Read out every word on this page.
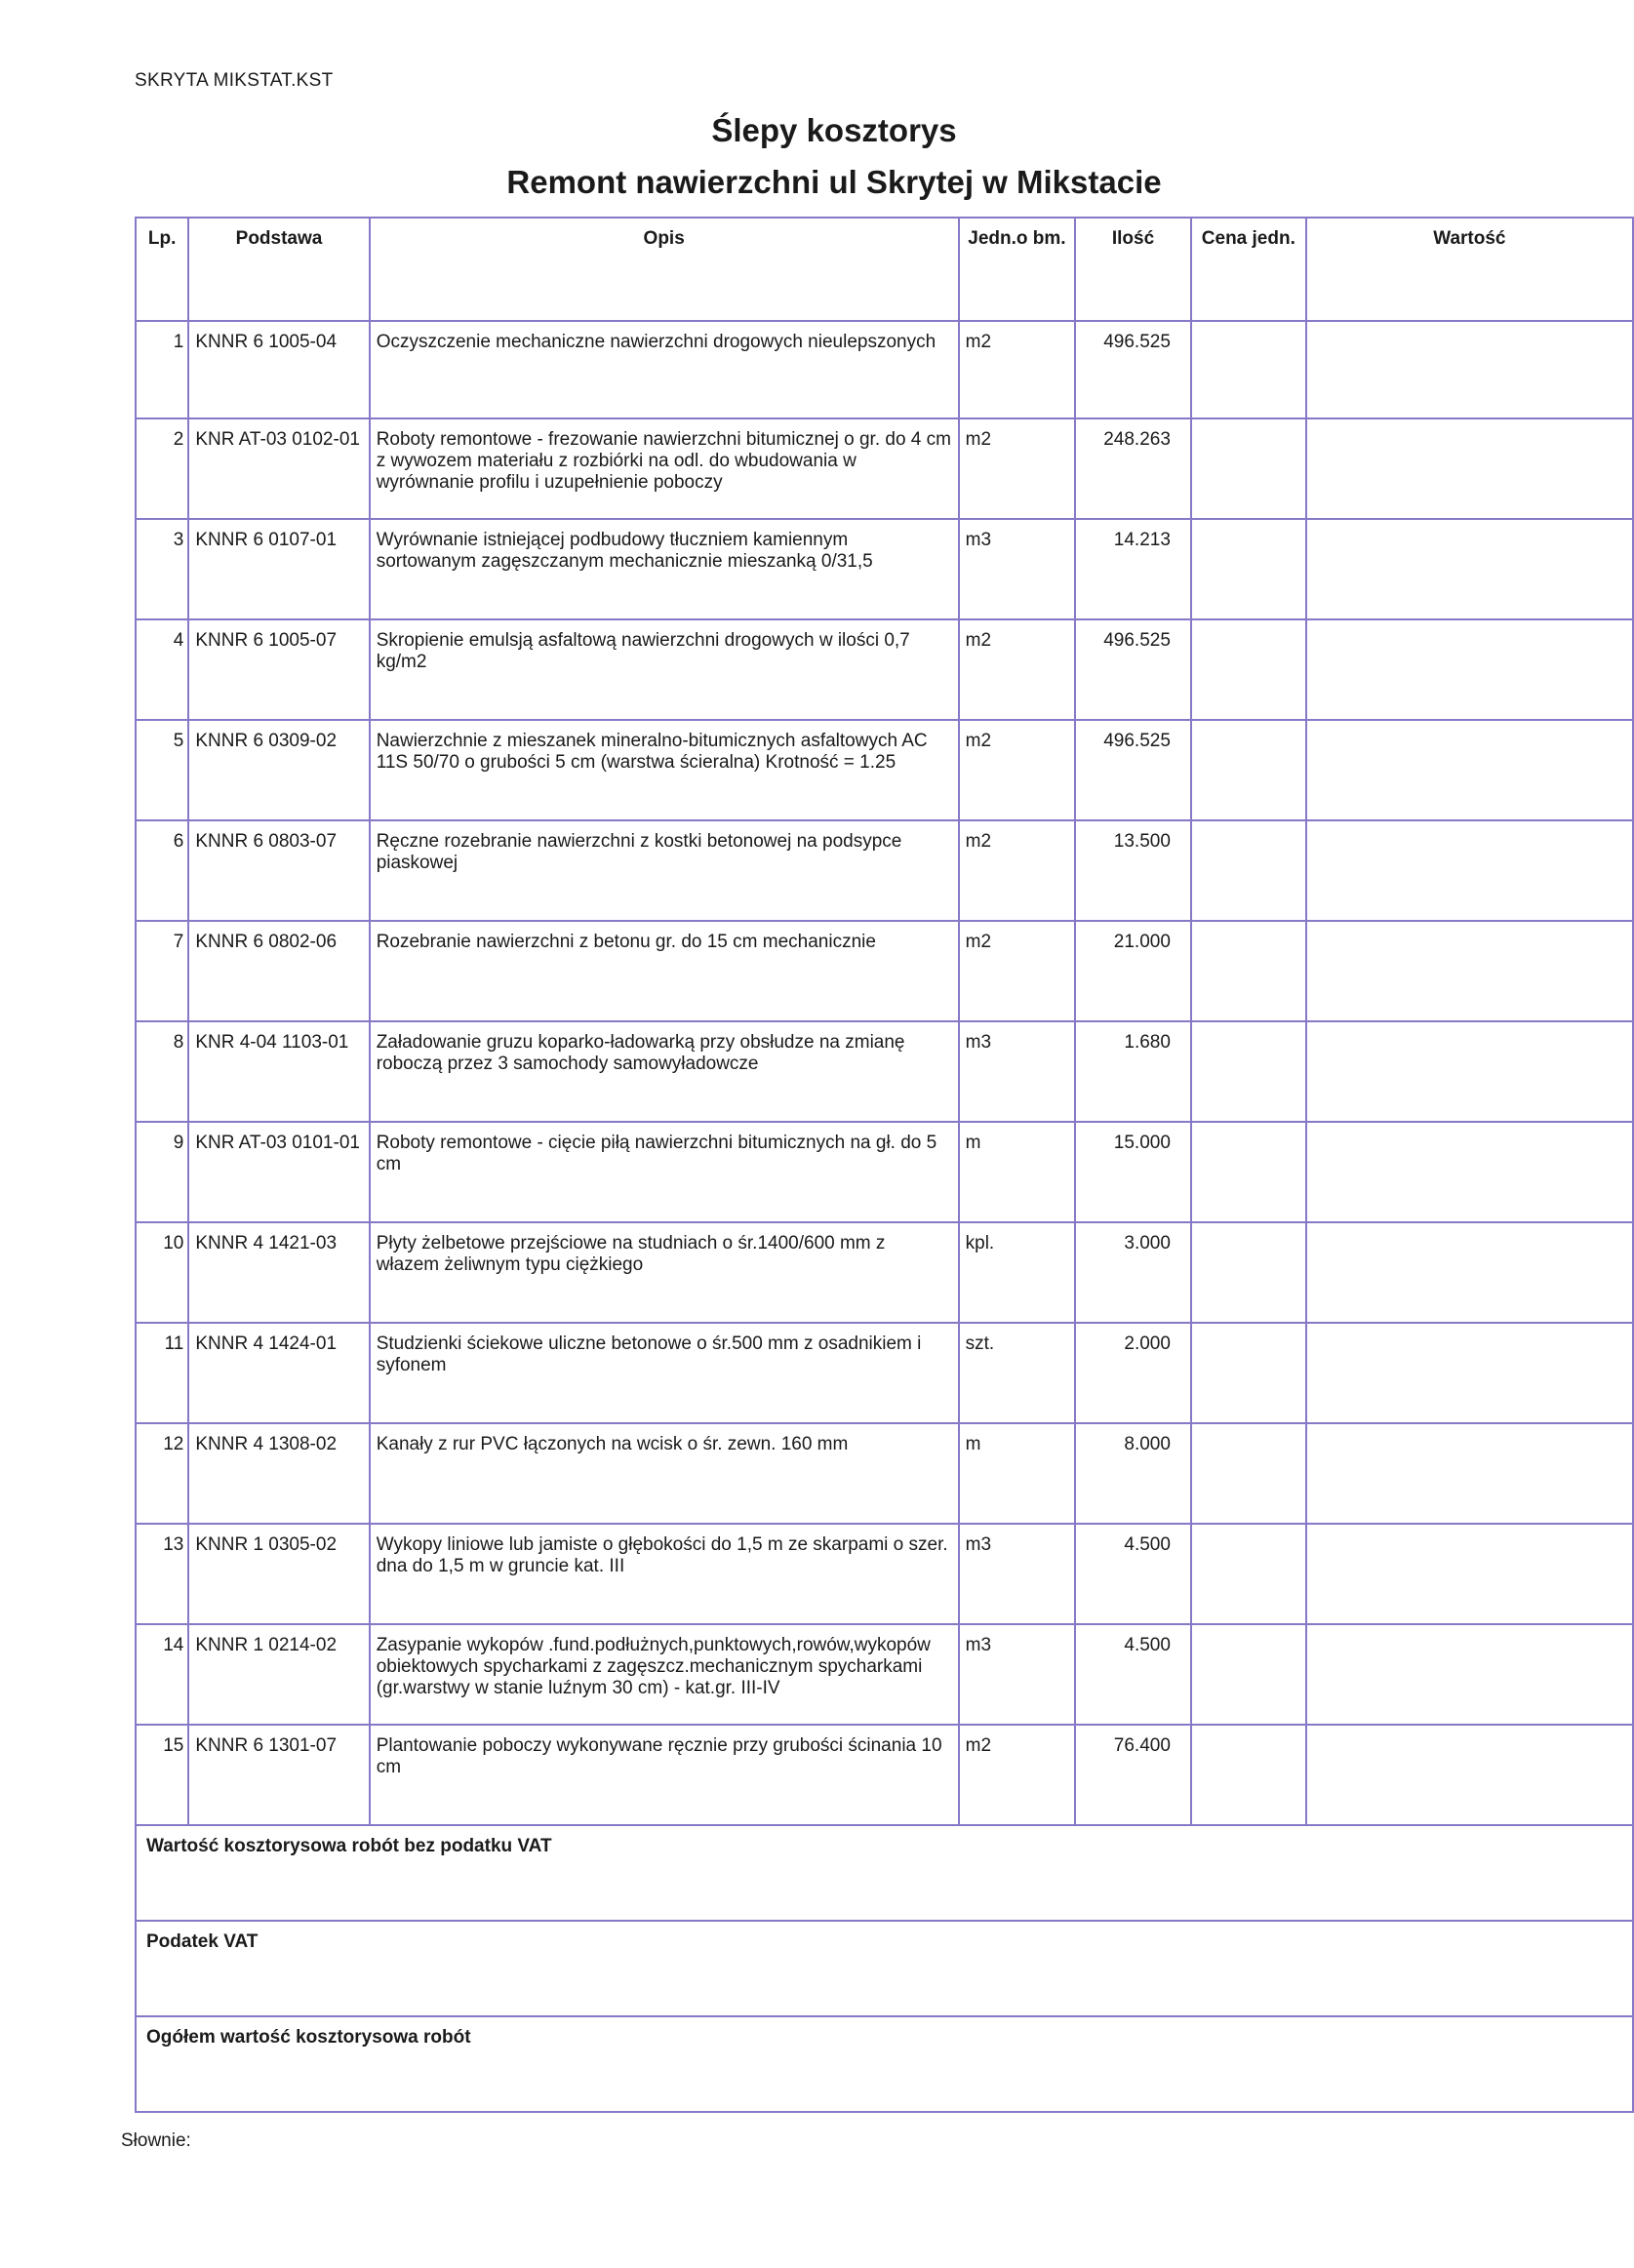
SKRYTA MIKSTAT.KST
Ślepy kosztorys
Remont nawierzchni ul Skrytej w Mikstacie
Lp.	Podstawa	Opis	Jedn.o bm.	Ilość	Cena jedn.	Wartość
1	KNNR 6 1005-04	Oczyszczenie mechaniczne nawierzchni drogowych nieulepszonych	m2	496.525		
2	KNR AT-03 0102-01	Roboty remontowe - frezowanie nawierzchni bitumicznej o gr. do 4 cm z wywozem materiału z rozbiórki na odl. do wbudowania w wyrównanie profilu i uzupełnienie poboczy	m2	248.263		
3	KNNR 6 0107-01	Wyrównanie istniejącej podbudowy tłuczniem kamiennym sortowanym zagęszczanym mechanicznie mieszanką 0/31,5	m3	14.213		
4	KNNR 6 1005-07	Skropienie emulsją asfaltową nawierzchni drogowych w ilości 0,7 kg/m2	m2	496.525		
5	KNNR 6 0309-02	Nawierzchnie z mieszanek mineralno-bitumicznych asfaltowych AC 11S 50/70 o grubości 5 cm (warstwa ścieralna) Krotność = 1.25	m2	496.525		
6	KNNR 6 0803-07	Ręczne rozebranie nawierzchni z kostki betonowej na podsypce piaskowej	m2	13.500		
7	KNNR 6 0802-06	Rozebranie nawierzchni z betonu gr. do 15 cm mechanicznie	m2	21.000		
8	KNR 4-04 1103-01	Załadowanie gruzu koparko-ładowarką przy obsłudze na zmianę roboczą przez 3 samochody samowyładowcze	m3	1.680		
9	KNR AT-03 0101-01	Roboty remontowe - cięcie piłą nawierzchni bitumicznych na gł. do 5 cm	m	15.000		
10	KNNR 4 1421-03	Płyty żelbetowe przejściowe na studniach o śr.1400/600 mm z włazem żeliwnym typu ciężkiego	kpl.	3.000		
11	KNNR 4 1424-01	Studzienki ściekowe uliczne betonowe o śr.500 mm z osadnikiem i syfonem	szt.	2.000		
12	KNNR 4 1308-02	Kanały z rur PVC łączonych na wcisk o śr. zewn. 160 mm	m	8.000		
13	KNNR 1 0305-02	Wykopy liniowe lub jamiste o głębokości do 1,5 m ze skarpami o szer. dna do 1,5 m w gruncie kat. III	m3	4.500		
14	KNNR 1 0214-02	Zasypanie wykopów .fund.podłużnych,punktowych,rowów,wykopów obiektowych spycharkami z zagęszcz.mechanicznym spycharkami (gr.warstwy w stanie luźnym 30 cm) - kat.gr. III-IV	m3	4.500		
15	KNNR 6 1301-07	Plantowanie poboczy wykonywane ręcznie przy grubości ścinania 10 cm	m2	76.400		
Wartość kosztorysowa robót bez podatku VAT						
Podatek VAT						
Ogółem wartość kosztorysowa robót						
Słownie:
